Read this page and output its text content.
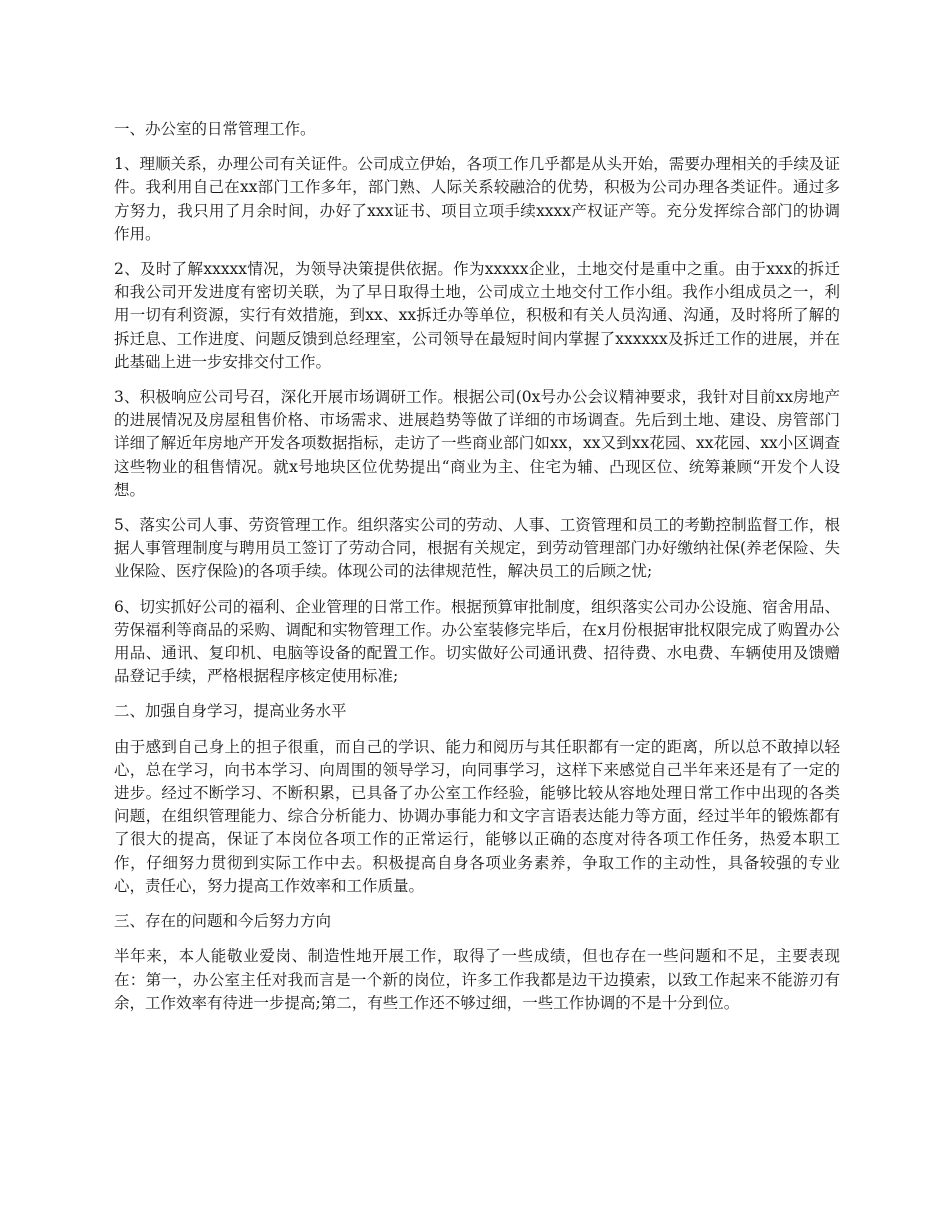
一、办公室的日常管理工作。

1、理顺关系，办理公司有关证件。公司成立伊始，各项工作几乎都是从头开始，需要办理相关的手续及证件。我利用自己在xx部门工作多年，部门熟、人际关系较融洽的优势，积极为公司办理各类证件。通过多方努力，我只用了月余时间，办好了xxx证书、项目立项手续xxxx产权证产等。充分发挥综合部门的协调作用。

2、及时了解xxxxx情况，为领导决策提供依据。作为xxxxx企业，土地交付是重中之重。由于xxx的拆迁和我公司开发进度有密切关联，为了早日取得土地，公司成立土地交付工作小组。我作小组成员之一，利用一切有利资源，实行有效措施，到xx、xx拆迁办等单位，积极和有关人员沟通、沟通，及时将所了解的拆迁息、工作进度、问题反馈到总经理室，公司领导在最短时间内掌握了xxxxxx及拆迁工作的进展，并在此基础上进一步安排交付工作。

3、积极响应公司号召，深化开展市场调研工作。根据公司(0x号办公会议精神要求，我针对目前xx房地产的进展情况及房屋租售价格、市场需求、进展趋势等做了详细的市场调查。先后到土地、建设、房管部门详细了解近年房地产开发各项数据指标，走访了一些商业部门如xx，xx又到xx花园、xx花园、xx小区调查这些物业的租售情况。就x号地块区位优势提出“商业为主、住宅为辅、凸现区位、统筹兼顾“开发个人设想。

5、落实公司人事、劳资管理工作。组织落实公司的劳动、人事、工资管理和员工的考勤控制监督工作，根据人事管理制度与聘用员工签订了劳动合同，根据有关规定，到劳动管理部门办好缴纳社保(养老保险、失业保险、医疗保险)的各项手续。体现公司的法律规范性，解决员工的后顾之忧;

6、切实抓好公司的福利、企业管理的日常工作。根据预算审批制度，组织落实公司办公设施、宿舍用品、劳保福利等商品的采购、调配和实物管理工作。办公室装修完毕后，在x月份根据审批权限完成了购置办公用品、通讯、复印机、电脑等设备的配置工作。切实做好公司通讯费、招待费、水电费、车辆使用及馈赠品登记手续，严格根据程序核定使用标准;

二、加强自身学习，提高业务水平

由于感到自己身上的担子很重，而自己的学识、能力和阅历与其任职都有一定的距离，所以总不敢掉以轻心，总在学习，向书本学习、向周围的领导学习，向同事学习，这样下来感觉自己半年来还是有了一定的进步。经过不断学习、不断积累，已具备了办公室工作经验，能够比较从容地处理日常工作中出现的各类问题，在组织管理能力、综合分析能力、协调办事能力和文字言语表达能力等方面，经过半年的锻炼都有了很大的提高，保证了本岗位各项工作的正常运行，能够以正确的态度对待各项工作任务，热爱本职工作，仔细努力贯彻到实际工作中去。积极提高自身各项业务素养，争取工作的主动性，具备较强的专业心，责任心，努力提高工作效率和工作质量。

三、存在的问题和今后努力方向

半年来，本人能敬业爱岗、制造性地开展工作，取得了一些成绩，但也存在一些问题和不足，主要表现在：第一，办公室主任对我而言是一个新的岗位，许多工作我都是边干边摸索，以致工作起来不能游刃有余，工作效率有待进一步提高;第二，有些工作还不够过细，一些工作协调的不是十分到位。
